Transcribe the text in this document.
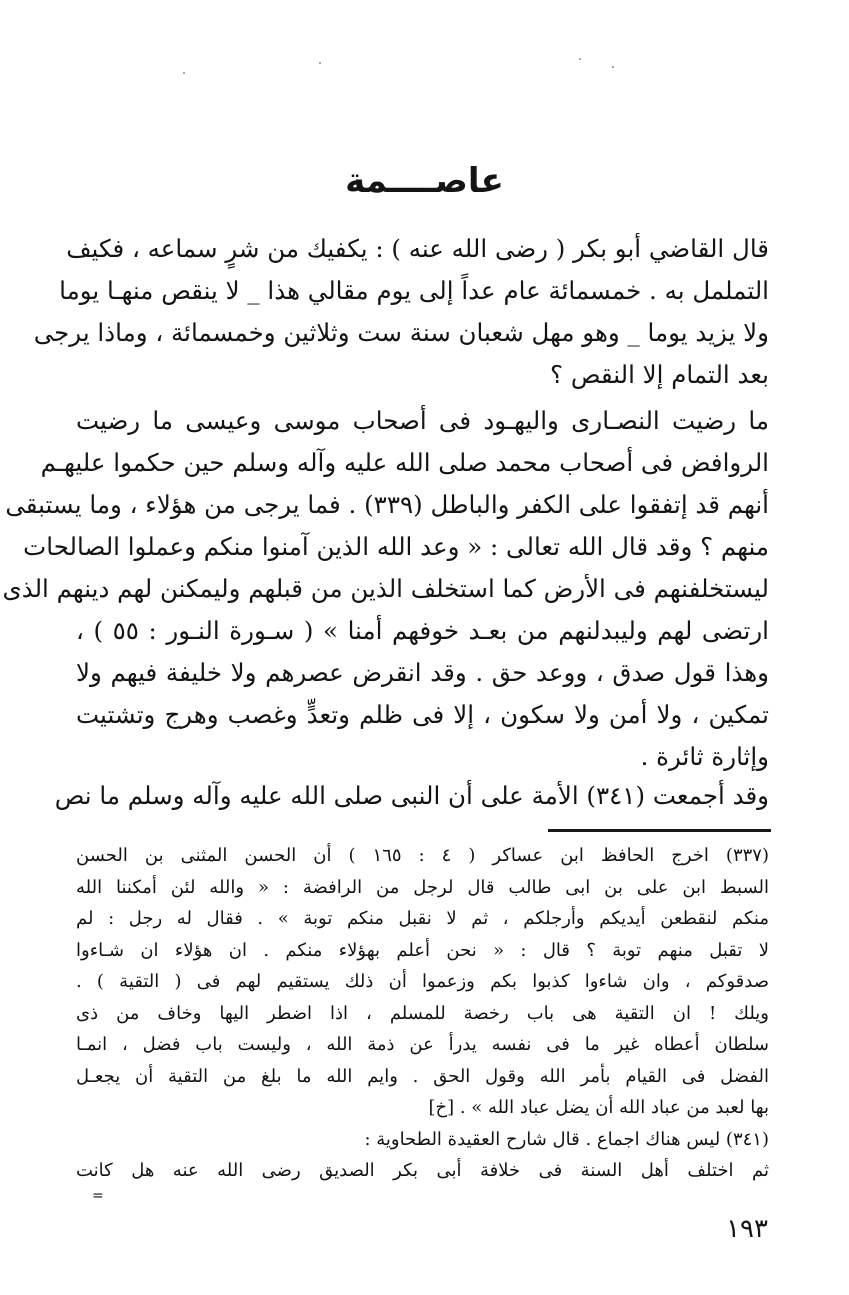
عاصــــمة
قال القاضي أبو بكر ( رضى الله عنه ) : يكفيك من شرٍ سماعه ، فكيف
التململ به . خمسمائة عام عداً إلى يوم مقالي هذا _ لا ينقص منهـا يوما
ولا يزيد يوما _ وهو مهل شعبان سنة ست وثلاثين وخمسمائة ، وماذا يرجى
بعد التمام إلا النقص ؟
ما رضيت النصـارى واليهـود فى أصحاب موسى وعيسى ما رضيت
الروافض فى أصحاب محمد صلى الله عليه وآله وسلم حين حكموا عليهـم
أنهم قد إتفقوا على الكفر والباطل (٣٣٩) . فما يرجى من هؤلاء ، وما يستبقى
منهم ؟ وقد قال الله تعالى : « وعد الله الذين آمنوا منكم وعملوا الصالحات
ليستخلفنهم فى الأرض كما استخلف الذين من قبلهم وليمكنن لهم دينهم الذى
ارتضى لهم وليبدلنهم من بعـد خوفهم أمنا » ( سـورة النـور : ٥٥ ) ،
وهذا قول صدق ، ووعد حق . وقد انقرض عصرهم ولا خليفة فيهم ولا
تمكين ، ولا أمن ولا سكون ، إلا فى ظلم وتعدٍّ وغصب وهرج وتشتيت
وإثارة ثائرة .
وقد أجمعت (٣٤١) الأمة على أن النبى صلى الله عليه وآله وسلم ما نص
(٣٣٧) اخرج الحافظ ابن عساكر ( ٤ : ١٦٥ ) أن الحسن المثنى بن الحسن
السبط ابن على بن ابى طالب قال لرجل من الرافضة : « والله لئن أمكننا الله
منكم لنقطعن أيديكم وأرجلكم ، ثم لا نقبل منكم توبة » . فقال له رجل : لم
لا تقبل منهم توبة ؟ قال : « نحن أعلم بهؤلاء منكم . ان هؤلاء ان شـاءوا
صدقوكم ، وان شاءوا كذبوا بكم وزعموا أن ذلك يستقيم لهم فى ( التقية ) .
ويلك ! ان التقية هى باب رخصة للمسلم ، اذا اضطر اليها وخاف من ذى
سلطان أعطاه غير ما فى نفسه يدرأ عن ذمة الله ، وليست باب فضل ، انمـا
الفضل فى القيام بأمر الله وقول الحق . وايم الله ما بلغ من التقية أن يجعـل
بها لعبد من عباد الله أن يضل عباد الله » . [خ]
(٣٤١) ليس هناك اجماع . قال شارح العقيدة الطحاوية :
ثم اختلف أهل السنة فى خلافة أبى بكر الصديق رضى الله عنه هل كانت
=
١٩٣
